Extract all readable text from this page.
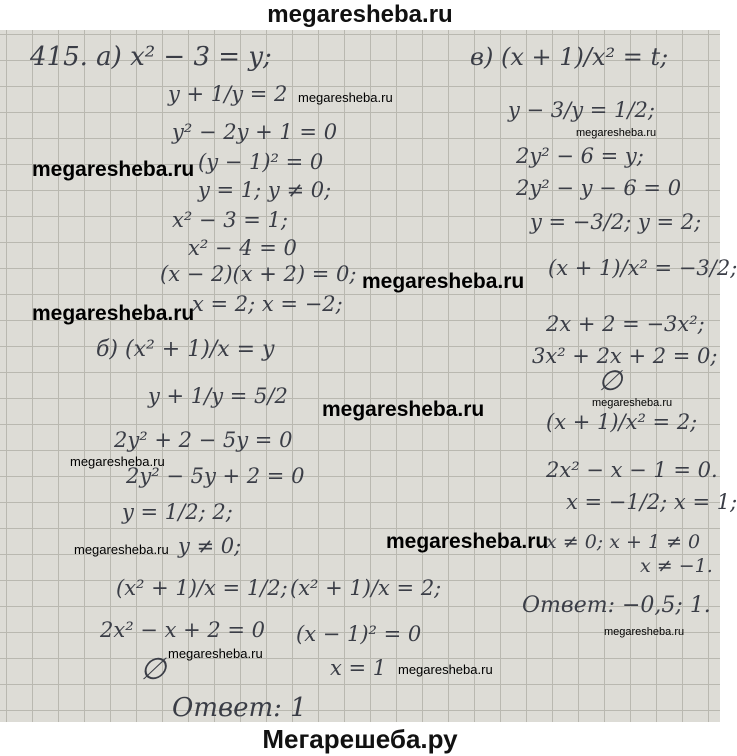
megaresheba.ru
415. а) x² − 3 = y;
y + 1/y = 2
y² − 2y + 1 = 0
(y − 1)² = 0
y = 1; y ≠ 0;
x² − 3 = 1;
x² − 4 = 0
(x − 2)(x + 2) = 0;
x = 2; x = −2;
б) (x² + 1)/x = y
y + 1/y = 5/2
2y² + 2 − 5y = 0
2y² − 5y + 2 = 0
y = 1/2; 2;
y ≠ 0;
(x² + 1)/x = 1/2;
2x² − x + 2 = 0
∅
(x² + 1)/x = 2;
(x − 1)² = 0
x = 1
Ответ: 1
в) (x + 1)/x² = t;
y − 3/y = 1/2;
2y² − 6 = y;
2y² − y − 6 = 0
y = −3/2; y = 2;
(x + 1)/x² = −3/2;
2x + 2 = −3x²;
3x² + 2x + 2 = 0;
∅
(x + 1)/x² = 2;
2x² − x − 1 = 0.
x = −1/2; x = 1;
x ≠ 0; x + 1 ≠ 0
x ≠ −1.
Ответ: −0,5; 1.
megaresheba.ru
megaresheba.ru
megaresheba.ru
megaresheba.ru
megaresheba.ru
megaresheba.ru	megaresheba.ru
megaresheba.ru
megaresheba.ru
megaresheba.ru
megaresheba.ru
megaresheba.ru
megaresheba.ru
Мегарешеба.ру
